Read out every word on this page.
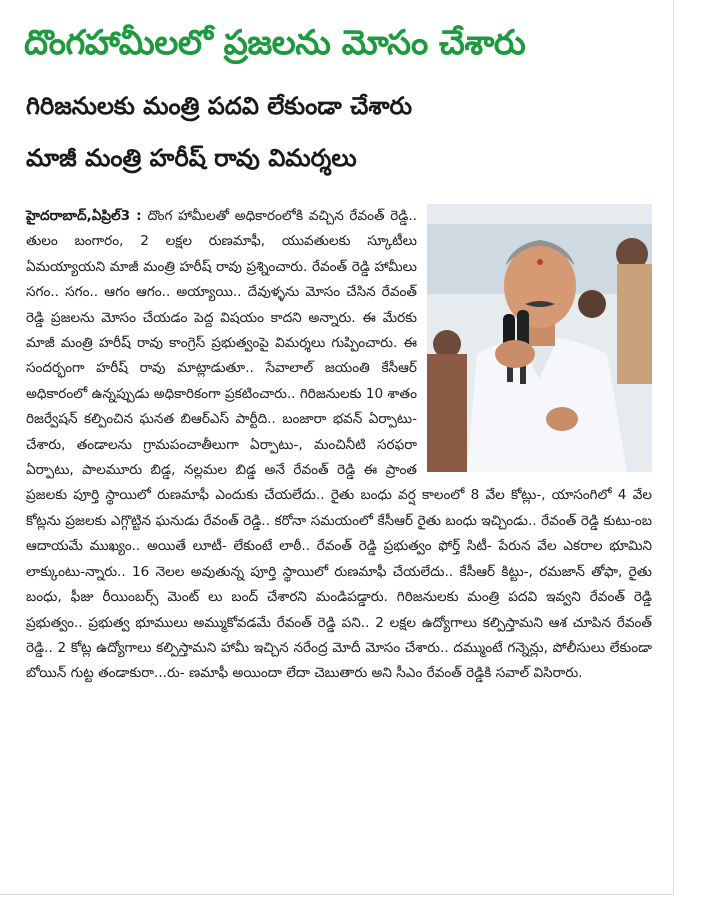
దొంగహామీలలో ప్రజలను మోసం చేశారు
గిరిజనులకు మంత్రి పదవి లేకుండా చేశారు
మాజీ మంత్రి హరీష్ రావు విమర్శలు
హైదరాబాద్,ఏప్రిల్3 : దొంగ హామీలతో అధికారంలోకి వచ్చిన రేవంత్ రెడ్డి.. తులం బంగారం, 2 లక్షల రుణమాఫీ, యువతులకు స్కూటీలు ఏమయ్యాయని మాజీ మంత్రి హరీష్ రావు ప్రశ్నించారు. రేవంత్ రెడ్డి హామీలు సగం.. సగం.. ఆగం ఆగం.. అయ్యాయి.. దేవుళ్ళను మోసం చేసిన రేవంత్ రెడ్డి ప్రజలను మోసం చేయడం పెద్ద విషయం కాదని అన్నారు. ఈ మేరకు మాజీ మంత్రి హరీష్ రావు కాంగ్రెస్ ప్రభుత్వంపై విమర్శలు గుప్పించారు. ఈ సందర్భంగా హరీష్ రావు మాట్లాడుతూ.. సేవాలాల్ జయంతి కేసీఆర్ అధికారంలో ఉన్నప్పుడు అధికారికంగా ప్రకటించారు.. గిరిజనులకు 10 శాతం రిజర్వేషన్ కల్పించిన ఘనత బిఆర్ఎస్ పార్టీది.. బంజారా భవన్ ఏర్పాటు- చేశారు, తండాలను గ్రామపంచాతీలుగా ఏర్పాటు-, మంచినీటి సరఫరా ఏర్పాటు, పాలమూరు బిడ్డ, నల్లమల బిడ్డ అనే రేవంత్ రెడ్డి ఈ ప్రాంత ప్రజలకు పూర్తి స్థాయిలో రుణమాఫీ ఎందుకు చేయలేదు.. రైతు బంధు వర్ష కాలంలో 8 వేల కోట్లు-, యాసంగిలో 4 వేల కోట్లను ప్రజలకు ఎగ్గొట్టిన ఘనుడు రేవంత్ రెడ్డి.. కరోనా సమయంలో కేసీఆర్ రైతు బంధు ఇచ్చిండు.. రేవంత్ రెడ్డి కుటు-ంబ ఆదాయమే ముఖ్యం.. అయితే లూటీ- లేకుంటే లాఠీ.. రేవంత్ రెడ్డి ప్రభుత్వం ఫోర్త్ సిటీ- పేరున వేల ఎకరాల భూమిని లాక్కుంటు-న్నారు.. 16 నెలల అవుతున్న పూర్తి స్థాయిలో రుణమాఫీ చేయలేదు.. కేసీఆర్ కిట్టు-, రమజాన్ తోఫా, రైతు బంధు, ఫీజు రీయింబర్స్ మెంట్ లు బంద్ చేశారని మండిపడ్డారు. గిరిజనులకు మంత్రి పదవి ఇవ్వని రేవంత్ రెడ్డి ప్రభుత్వం.. ప్రభుత్వ భూములు అమ్ముకోవడమే రేవంత్ రెడ్డి పని.. 2 లక్షల ఉద్యోగాలు కల్పిస్తామని ఆశ చూపిన రేవంత్ రెడ్డి.. 2 కోట్ల ఉద్యోగాలు కల్పిస్తామని హామీ ఇచ్చిన నరేంద్ర మోదీ మోసం చేశారు.. దమ్ముంటే గన్నెన్లు, పోలీసులు లేకుండా బోయిన్ గుట్ట తండాకురా...రు- ణమాఫీ అయిందా లేదా చెబుతారు అని సీఎం రేవంత్ రెడ్డికి సవాల్ విసిరారు.
